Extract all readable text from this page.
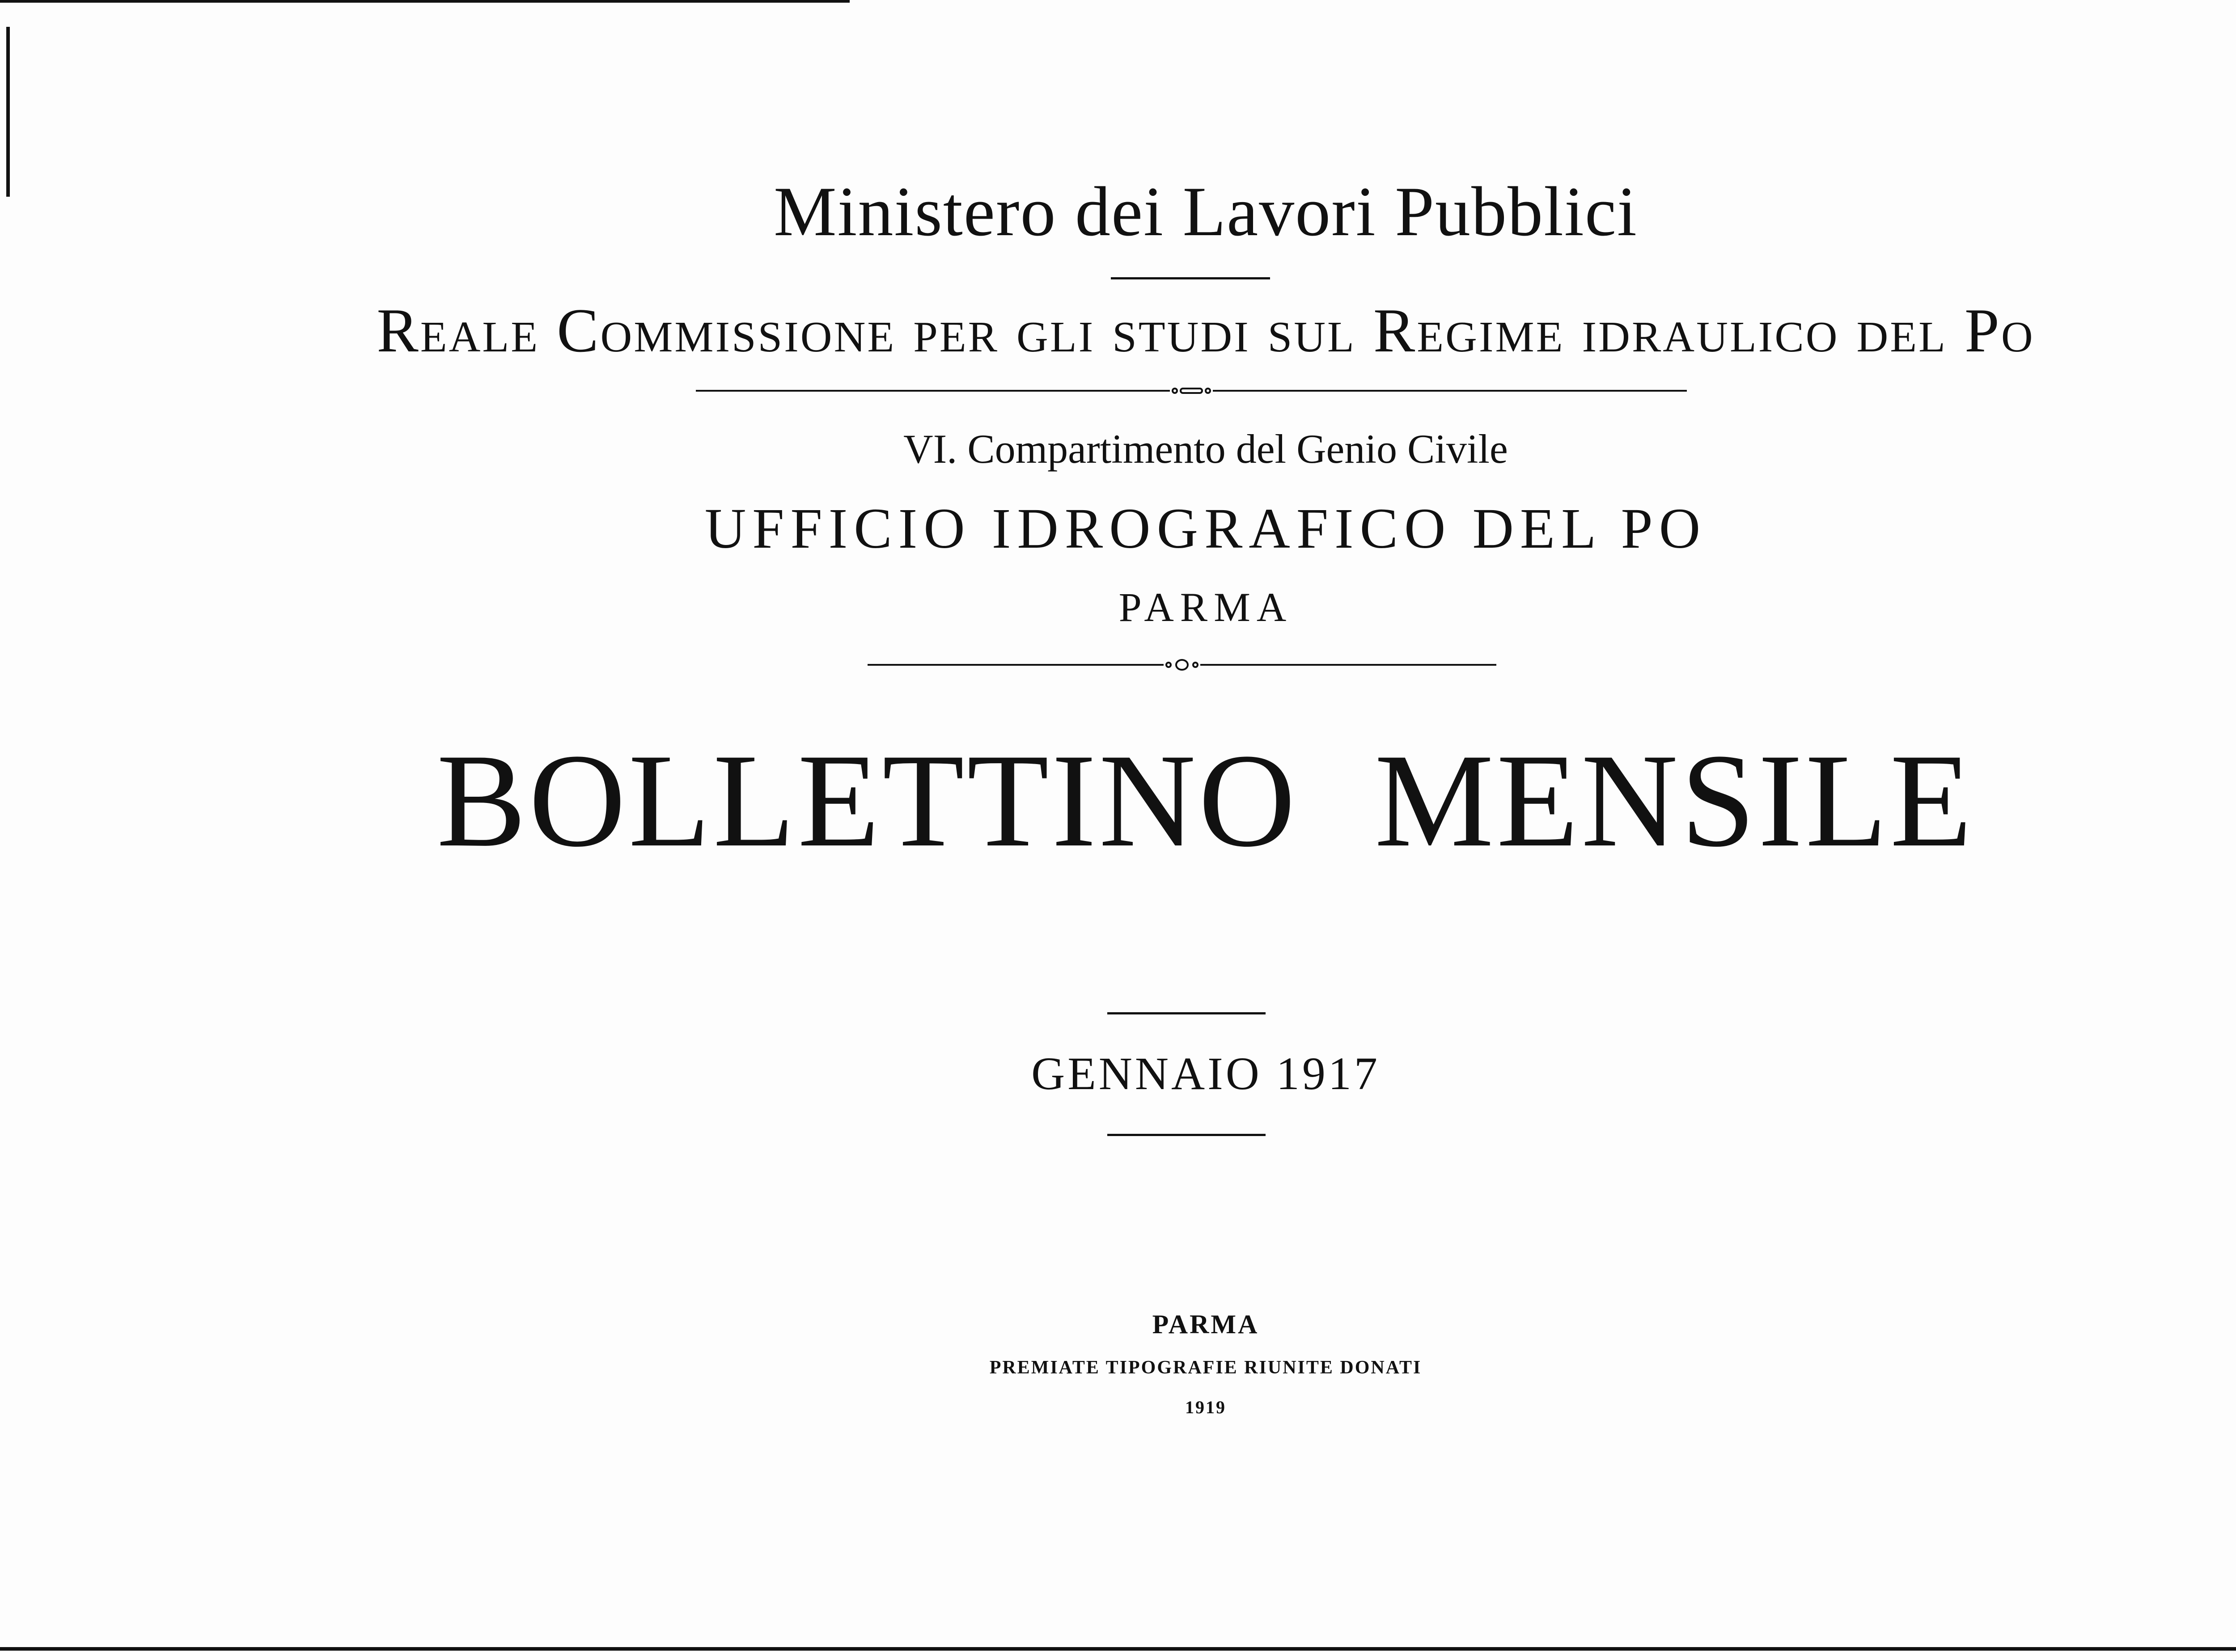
Ministero dei Lavori Pubblici
Reale Commissione per gli studi sul Regime idraulico del Po
VI. Compartimento del Genio Civile
UFFICIO IDROGRAFICO DEL PO
PARMA
BOLLETTINO MENSILE
GENNAIO 1917
PARMA
PREMIATE TIPOGRAFIE RIUNITE DONATI
1919
